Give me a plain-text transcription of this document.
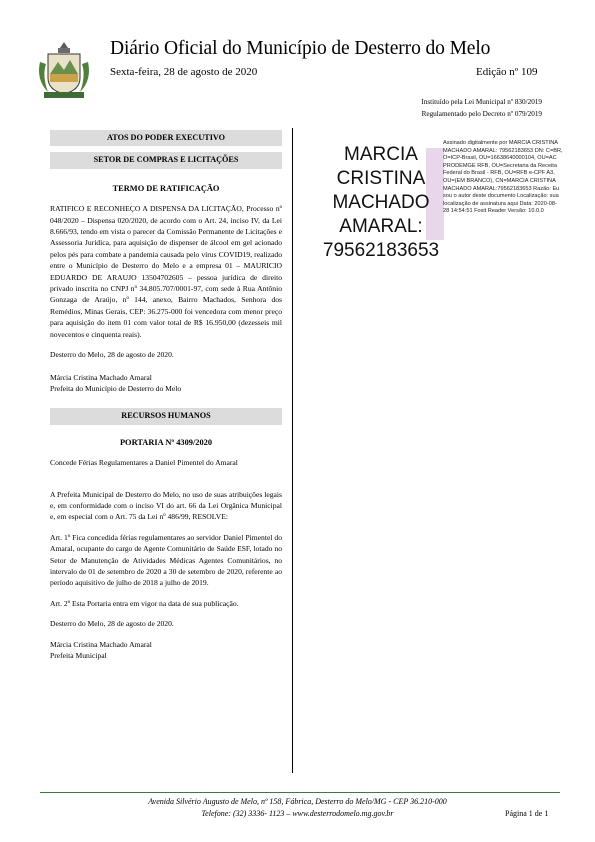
Diário Oficial do Município de Desterro do Melo
Sexta-feira, 28 de agosto de 2020	Edição nº 109
Instituído pela Lei Municipal nº 830/2019
Regulamentado pelo Decreto nº 079/2019
ATOS DO PODER EXECUTIVO
SETOR DE COMPRAS E LICITAÇÕES

TERMO DE RATIFICAÇÃO

RATIFICO E RECONHEÇO A DISPENSA DA LICITAÇÃO, Processo nº 048/2020 – Dispensa 020/2020, de acordo com o Art. 24, inciso IV, da Lei 8.666/93, tendo em vista o parecer da Comissão Permanente de Licitações e Assessoria Jurídica, para aquisição de dispenser de álcool em gel acionado pelos pés para combate a pandemia causada pelo vírus COVID19, realizado entre o Município de Desterro do Melo e a empresa 01 – MAURICIO EDUARDO DE ARAUJO 13504702605 – pessoa jurídica de direito privado inscrita no CNPJ nº 34.805.707/0001-97, com sede à Rua Antônio Gonzaga de Araújo, nº 144, anexo, Bairro Machados, Senhora dos Remédios, Minas Gerais, CEP: 36.275-000 foi vencedora com menor preço para aquisição do item 01 com valor total de R$ 16.950,00 (dezesseis mil novecentos e cinquenta reais).

Desterro do Melo, 28 de agosto de 2020.

Márcia Cristina Machado Amaral

Prefeita do Município de Desterro do Melo

RECURSOS HUMANOS

PORTARIA Nº 4309/2020

Concede Férias Regulamentares a Daniel Pimentel do Amaral

A Prefeita Municipal de Desterro do Melo, no uso de suas atribuições legais e, em conformidade com o inciso VI do art. 66 da Lei Orgânica Municipal e, em especial com o Art. 75 da Lei nº 486/99, RESOLVE:

Art. 1º Fica concedida férias regulamentares ao servidor Daniel Pimentel do Amaral, ocupante do cargo de Agente Comunitário de Saúde ESF, lotado no Setor de Manutenção de Atividades Médicas Agentes Comunitários, no intervalo de 01 de setembro de 2020 a 30 de setembro de 2020, referente ao período aquisitivo de julho de 2018 a julho de 2019.

Art. 2º Esta Portaria entra em vigor na data de sua publicação.

Desterro do Melo, 28 de agosto de 2020.

Márcia Cristina Machado Amaral

Prefeita Municipal

MARCIA
CRISTINA
MACHADO
AMARAL:
79562183653
Assinado digitalmente por MARCIA CRISTINA MACHADO AMARAL: 79562183653 DN: C=BR, O=ICP-Brasil, OU=16638640000104, OU=AC PRODEMGE RFB, OU=Secretaria da Receita Federal do Brasil - RFB, OU=RFB e-CPF A3, OU=(EM BRANCO), CN=MARCIA CRISTINA MACHADO AMARAL:79562183653 Razão: Eu sou o autor deste documento Localização: sua localização de assinatura aqui Data: 2020-08-28 14:54:51 Foxit Reader Versão: 10.0.0
Avenida Silvério Augusto de Melo, nº 158, Fábrica, Desterro do Melo/MG - CEP 36.210-000
Telefone: (32) 3336- 1123 – www.desterrodomelo.mg.gov.br	Página 1 de 1
